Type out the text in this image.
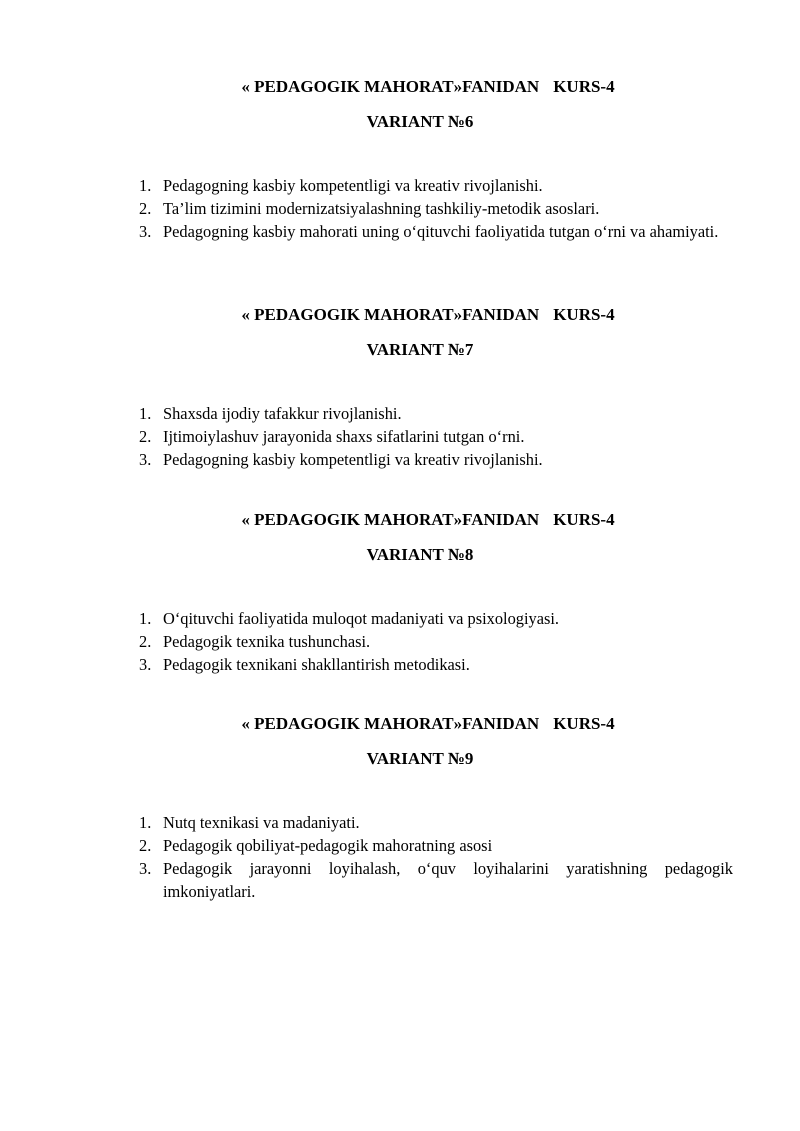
« PEDAGOGIK MAHORAT»FANIDAN KURS-4
VARIANT №6
1. Pedagogning kasbiy kompetentligi va kreativ rivojlanishi.
2. Ta’lim tizimini modernizatsiyalashning tashkiliy-metodik asoslari.
3. Pedagogning kasbiy mahorati uning o‘qituvchi faoliyatida tutgan o‘rni va ahamiyati.
« PEDAGOGIK MAHORAT»FANIDAN KURS-4
VARIANT №7
1. Shaxsda ijodiy tafakkur rivojlanishi.
2. Ijtimoiylashuv jarayonida shaxs sifatlarini tutgan o‘rni.
3. Pedagogning kasbiy kompetentligi va kreativ rivojlanishi.
« PEDAGOGIK MAHORAT»FANIDAN KURS-4
VARIANT №8
1. O‘qituvchi faoliyatida muloqot madaniyati va psixologiyasi.
2. Pedagogik texnika tushunchasi.
3. Pedagogik texnikani shakllantirish metodikasi.
« PEDAGOGIK MAHORAT»FANIDAN KURS-4
VARIANT №9
1. Nutq texnikasi va madaniyati.
2. Pedagogik qobiliyat-pedagogik mahoratning asosi
3. Pedagogik jarayonni loyihalash, o‘quv loyihalarini yaratishning pedagogik imkoniyatlari.
